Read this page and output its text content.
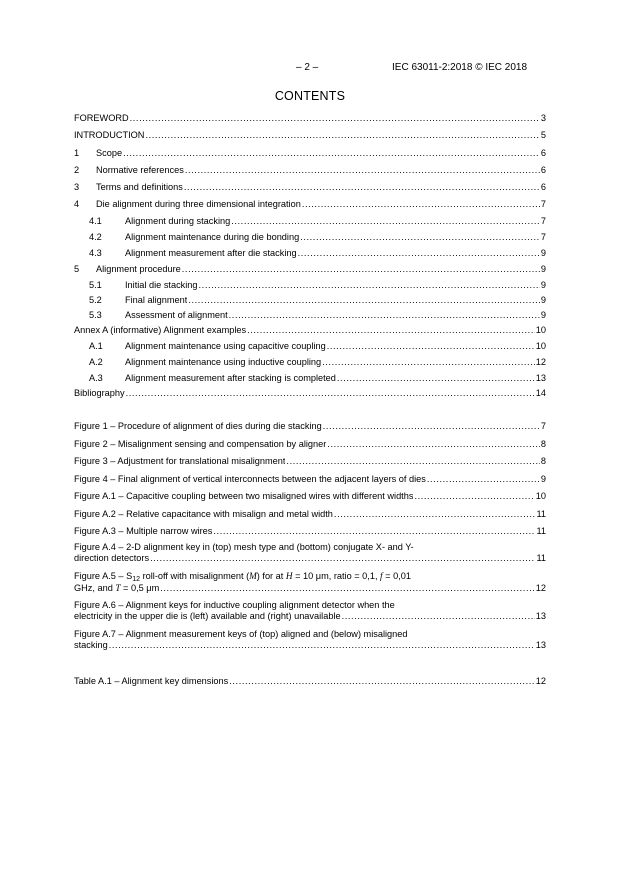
– 2 –	IEC 63011-2:2018 © IEC 2018
CONTENTS
FOREWORD .....	3
INTRODUCTION .....	5
1	Scope .....	6
2	Normative references .....	6
3	Terms and definitions .....	6
4	Die alignment during three dimensional integration .....	7
4.1	Alignment during stacking .....	7
4.2	Alignment maintenance during die bonding .....	7
4.3	Alignment measurement after die stacking .....	9
5	Alignment procedure .....	9
5.1	Initial die stacking .....	9
5.2	Final alignment .....	9
5.3	Assessment of alignment .....	9
Annex A (informative) Alignment examples .....	10
A.1	Alignment maintenance using capacitive coupling .....	10
A.2	Alignment maintenance using inductive coupling .....	12
A.3	Alignment measurement after stacking is completed .....	13
Bibliography .....	14
Figure 1 – Procedure of alignment of dies during die stacking .....	7
Figure 2 – Misalignment sensing and compensation by aligner .....	8
Figure 3 – Adjustment for translational misalignment .....	8
Figure 4 – Final alignment of vertical interconnects between the adjacent layers of dies .....	9
Figure A.1 – Capacitive coupling between two misaligned wires with different widths .....	10
Figure A.2 – Relative capacitance with misalign and metal width .....	11
Figure A.3 – Multiple narrow wires .....	11
Figure A.4 – 2-D alignment key in (top) mesh type and (bottom) conjugate X- and Y-
direction detectors .....	11
Figure $A.5 - S_{12}$ roll-off with misalignment (M) for at H = 10 μm, ratio = 0,1, f = 0,01
GHz, and T = 0,5 μm .....	12
Figure A.6 – Alignment keys for inductive coupling alignment detector when the
electricity in the upper die is (left) available and (right) unavailable .....	13
Figure A.7 – Alignment measurement keys of (top) aligned and (below) misaligned
stacking .....	13
Table A.1 – Alignment key dimensions .....	12
